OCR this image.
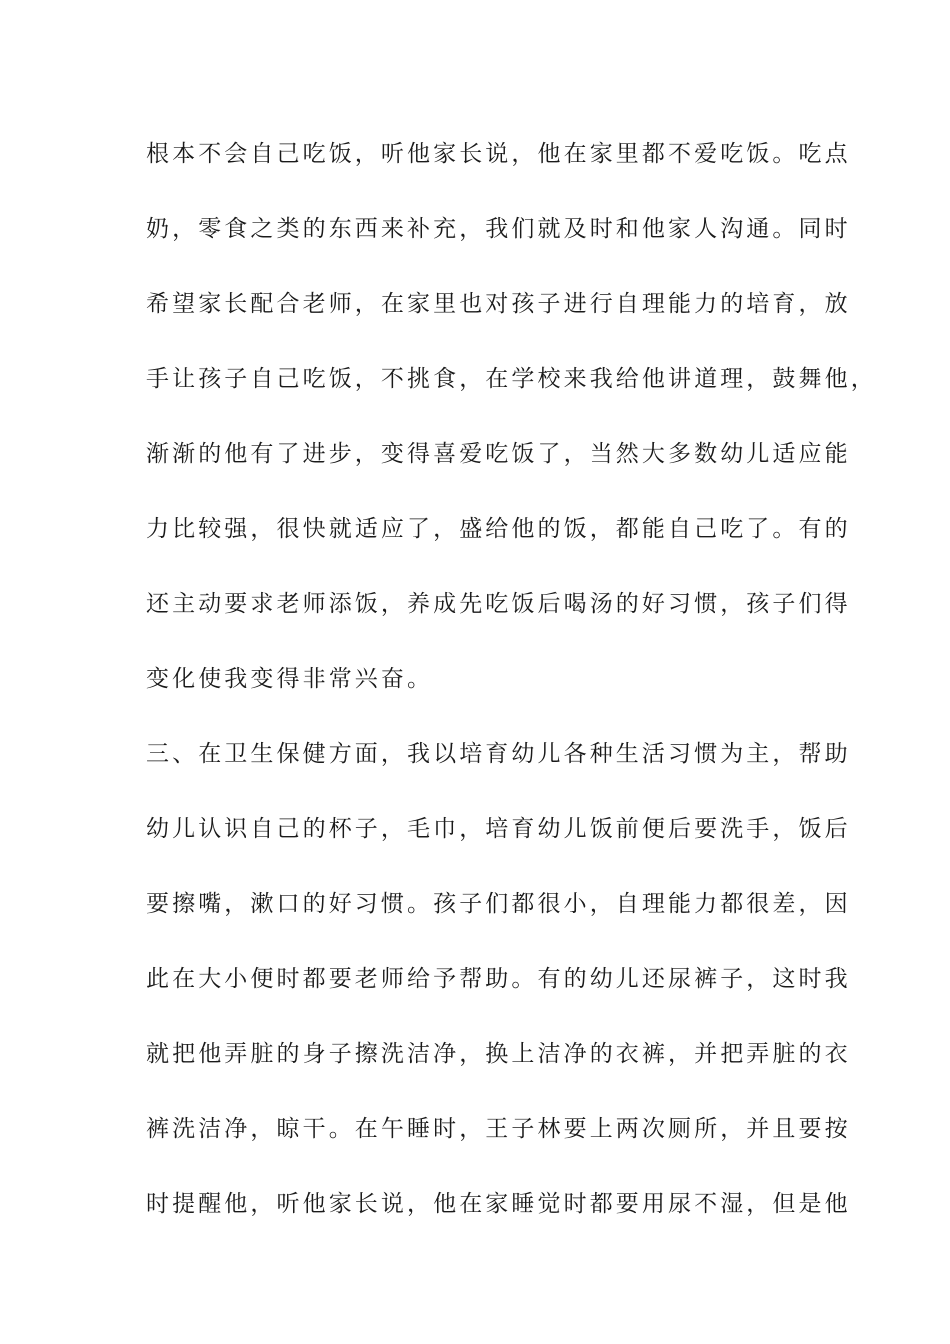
根本不会自己吃饭，听他家长说，他在家里都不爱吃饭。吃点
奶，零食之类的东西来补充，我们就及时和他家人沟通。同时
希望家长配合老师，在家里也对孩子进行自理能力的培育，放
手让孩子自己吃饭，不挑食，在学校来我给他讲道理，鼓舞他，
渐渐的他有了进步，变得喜爱吃饭了，当然大多数幼儿适应能
力比较强，很快就适应了，盛给他的饭，都能自己吃了。有的
还主动要求老师添饭，养成先吃饭后喝汤的好习惯，孩子们得
变化使我变得非常兴奋。
三、在卫生保健方面，我以培育幼儿各种生活习惯为主，帮助
幼儿认识自己的杯子，毛巾，培育幼儿饭前便后要洗手，饭后
要擦嘴，漱口的好习惯。孩子们都很小，自理能力都很差，因
此在大小便时都要老师给予帮助。有的幼儿还尿裤子，这时我
就把他弄脏的身子擦洗洁净，换上洁净的衣裤，并把弄脏的衣
裤洗洁净，晾干。在午睡时，王子林要上两次厕所，并且要按
时提醒他，听他家长说，他在家睡觉时都要用尿不湿，但是他
